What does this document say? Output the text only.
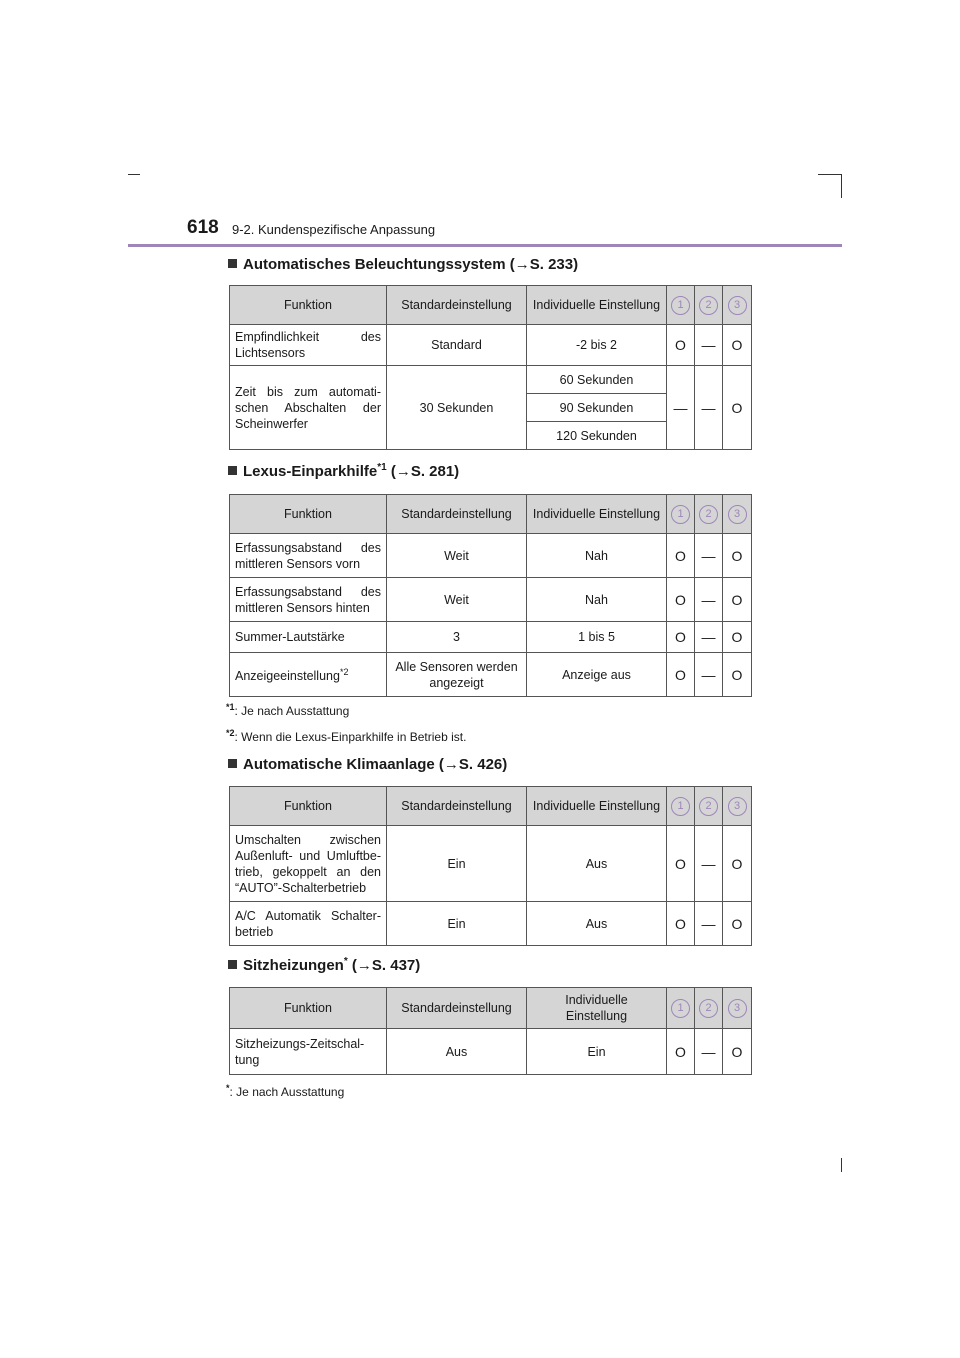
618 9-2. Kundenspezifische Anpassung
Automatisches Beleuchtungssystem (→S. 233)
Funktion	Standardeinstellung	Individuelle Einstellung	1	2	3
Empfindlichkeit des Lichtsensors	Standard	-2 bis 2	O	—	O
Zeit bis zum automati-schen Abschalten der Scheinwerfer	30 Sekunden	60 Sekunden	—	—	O
		90 Sekunden			
		120 Sekunden			
Lexus-Einparkhilfe$^{*1}$ (→S. 281)
Funktion	Standardeinstellung	Individuelle Einstellung	1	2	3
Erfassungsabstand des mittleren Sensors vorn	Weit	Nah	O	—	O
Erfassungsabstand des mittleren Sensors hinten	Weit	Nah	O	—	O
Summer-Lautstärke	3	1 bis 5	O	—	O
Anzeigeeinstellung$^{*2}$	Alle Sensoren werden angezeigt	Anzeige aus	O	—	O
$^{*1}$: Je nach Ausstattung
$^{*2}$: Wenn die Lexus-Einparkhilfe in Betrieb ist.
Automatische Klimaanlage (→S. 426)
Funktion	Standardeinstellung	Individuelle Einstellung	1	2	3
Umschalten zwischen Außenluft- und Umluftbe-trieb, gekoppelt an den “AUTO”-Schalterbetrieb	Ein	Aus	O	—	O
A/C Automatik Schalter-betrieb	Ein	Aus	O	—	O
Sitzheizungen* (→S. 437)
Funktion	Standardeinstellung	Individuelle Einstellung	1	2	3
Sitzheizungs-Zeitschal-tung	Aus	Ein	O	—	O
*: Je nach Ausstattung
